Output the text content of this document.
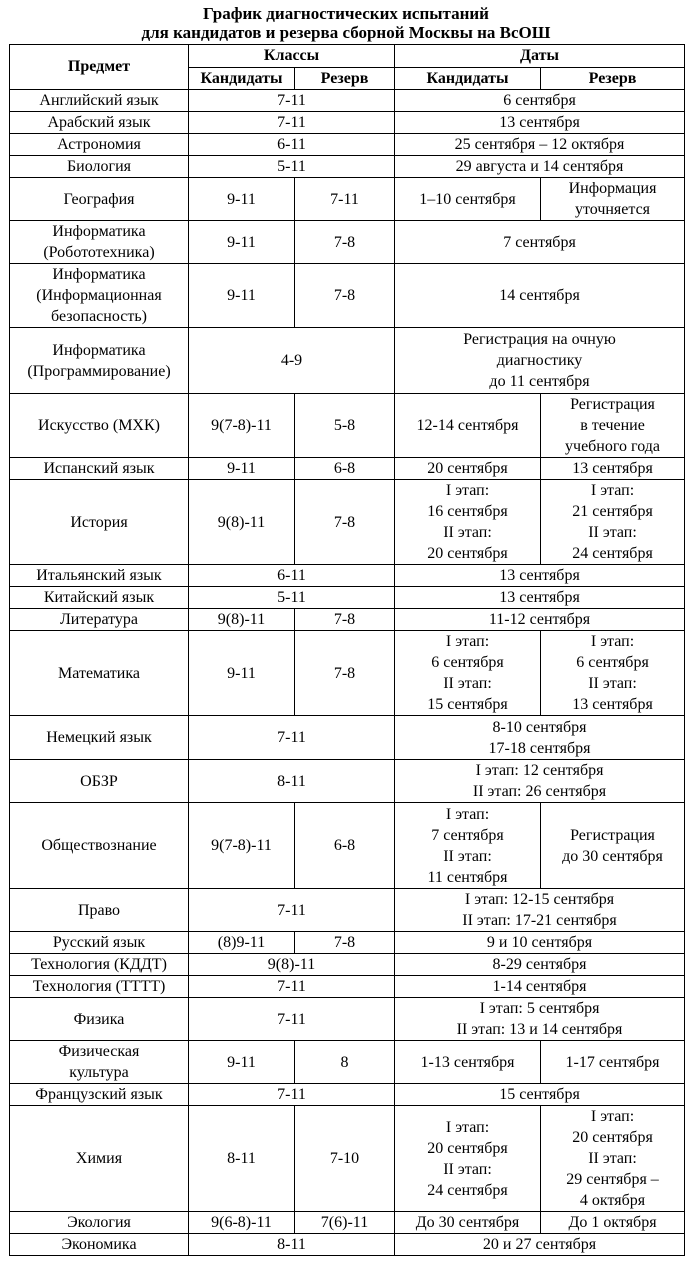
График диагностических испытаний
для кандидатов и резерва сборной Москвы на ВсОШ
Предмет	Классы		Даты	
	Кандидаты	Резерв	Кандидаты	Резерв
Английский язык	7-11		6 сентября	
Арабский язык	7-11		13 сентября	
Астрономия	6-11		25 сентября – 12 октября	
Биология	5-11		29 августа и 14 сентября	
География	9-11	7-11	1–10 сентября	Информация
уточняется
Информатика
(Робототехника)	9-11	7-8	7 сентября	
Информатика
(Информационная
безопасность)	9-11	7-8	14 сентября	
Информатика
(Программирование)	4-9		Регистрация на очную
диагностику
до 11 сентября	
Искусство (МХК)	9(7-8)-11	5-8	12-14 сентября	Регистрация
в течение
учебного года
Испанский язык	9-11	6-8	20 сентября	13 сентября
История	9(8)-11	7-8	I этап:
16 сентября
II этап:
20 сентября	I этап:
21 сентября
II этап:
24 сентября
Итальянский язык	6-11		13 сентября	
Китайский язык	5-11		13 сентября	
Литература	9(8)-11	7-8	11-12 сентября	
Математика	9-11	7-8	I этап:
6 сентября
II этап:
15 сентября	I этап:
6 сентября
II этап:
13 сентября
Немецкий язык	7-11		8-10 сентября
17-18 сентября	
ОБЗР	8-11		I этап: 12 сентября
II этап: 26 сентября	
Обществознание	9(7-8)-11	6-8	I этап:
7 сентября
II этап:
11 сентября	Регистрация
до 30 сентября
Право	7-11		I этап: 12-15 сентября
II этап: 17-21 сентября	
Русский язык	(8)9-11	7-8	9 и 10 сентября	
Технология (КДДТ)	9(8)-11		8-29 сентября	
Технология (ТТТТ)	7-11		1-14 сентября	
Физика	7-11		I этап: 5 сентября
II этап: 13 и 14 сентября	
Физическая
культура	9-11	8	1-13 сентября	1-17 сентября
Французский язык	7-11		15 сентября	
Химия	8-11	7-10	I этап:
20 сентября
II этап:
24 сентября	I этап:
20 сентября
II этап:
29 сентября –
4 октября
Экология	9(6-8)-11	7(6)-11	До 30 сентября	До 1 октября
Экономика	8-11		20 и 27 сентября	
